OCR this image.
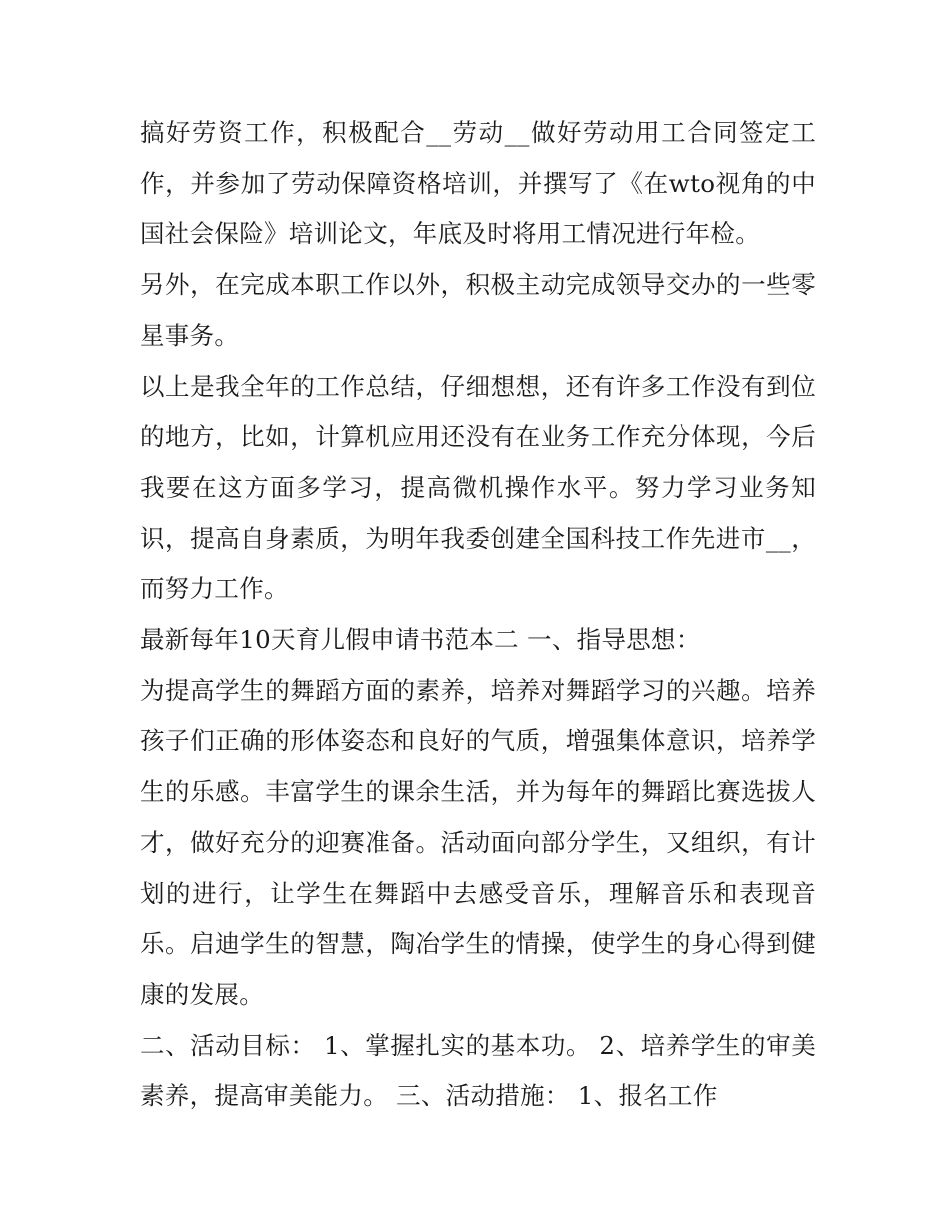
搞好劳资工作，积极配合__劳动__做好劳动用工合同签定工作，并参加了劳动保障资格培训，并撰写了《在wto视角的中国社会保险》培训论文，年底及时将用工情况进行年检。

另外，在完成本职工作以外，积极主动完成领导交办的一些零星事务。

以上是我全年的工作总结，仔细想想，还有许多工作没有到位的地方，比如，计算机应用还没有在业务工作充分体现，今后我要在这方面多学习，提高微机操作水平。努力学习业务知识，提高自身素质，为明年我委创建全国科技工作先进市__，而努力工作。

最新每年10天育儿假申请书范本二 一、指导思想：

为提高学生的舞蹈方面的素养，培养对舞蹈学习的兴趣。培养孩子们正确的形体姿态和良好的气质，增强集体意识，培养学生的乐感。丰富学生的课余生活，并为每年的舞蹈比赛选拔人才，做好充分的迎赛准备。活动面向部分学生，又组织，有计划的进行，让学生在舞蹈中去感受音乐，理解音乐和表现音乐。启迪学生的智慧，陶冶学生的情操，使学生的身心得到健康的发展。

二、活动目标： 1、掌握扎实的基本功。 2、培养学生的审美素养，提高审美能力。 三、活动措施： 1、报名工作
